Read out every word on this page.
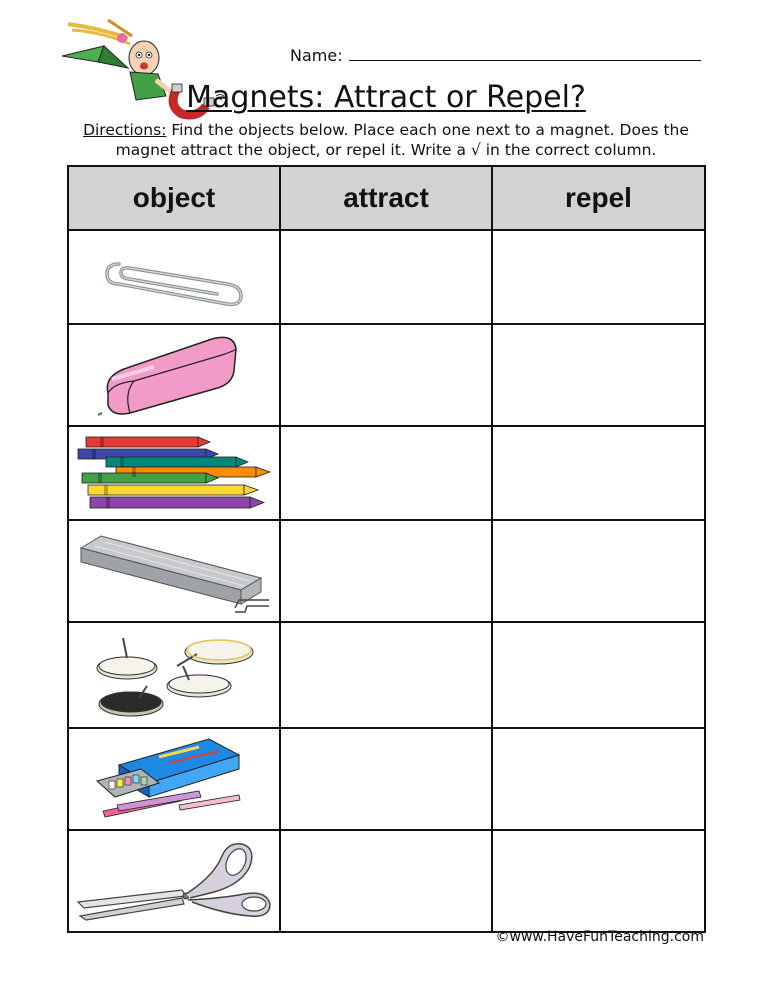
Name:
Magnets: Attract or Repel?
Directions: Find the objects below. Place each one next to a magnet. Does the magnet attract the object, or repel it. Write a √ in the correct column.
object	attract	repel

©www.HaveFunTeaching.com
